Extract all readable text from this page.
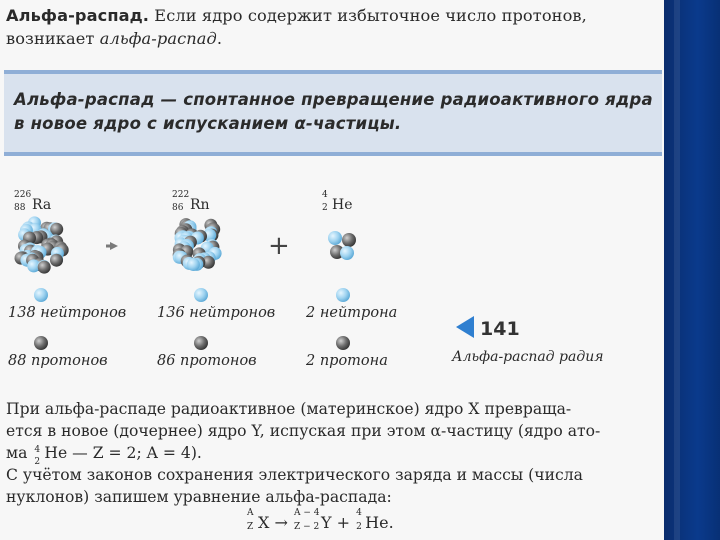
Альфа-распад. Если ядро содержит избыточное число протонов, возникает альфа-распад.
Альфа-распад — спонтанное превращение радиоактивного ядра в новое ядро с испусканием α-частицы.
226
88 Ra
222
86 Rn
4
2 He
+
138 нейтронов 136 нейтронов 2 нейтрона
88 протонов	86 протонов	2 протона
141
Альфа-распад радия

При альфа-распаде радиоактивное (материнское) ядро X превраща-

ется в новое (дочернее) ядро Y, испуская при этом α-частицу (ядро ато-

ма 4
2 He — Z = 2; A = 4).

С учётом законов сохранения электрического заряда и массы (числа

нуклонов) запишем уравнение альфа-распада:

A
Z X → A − 4
Z − 2 Y + 4
2 He.
